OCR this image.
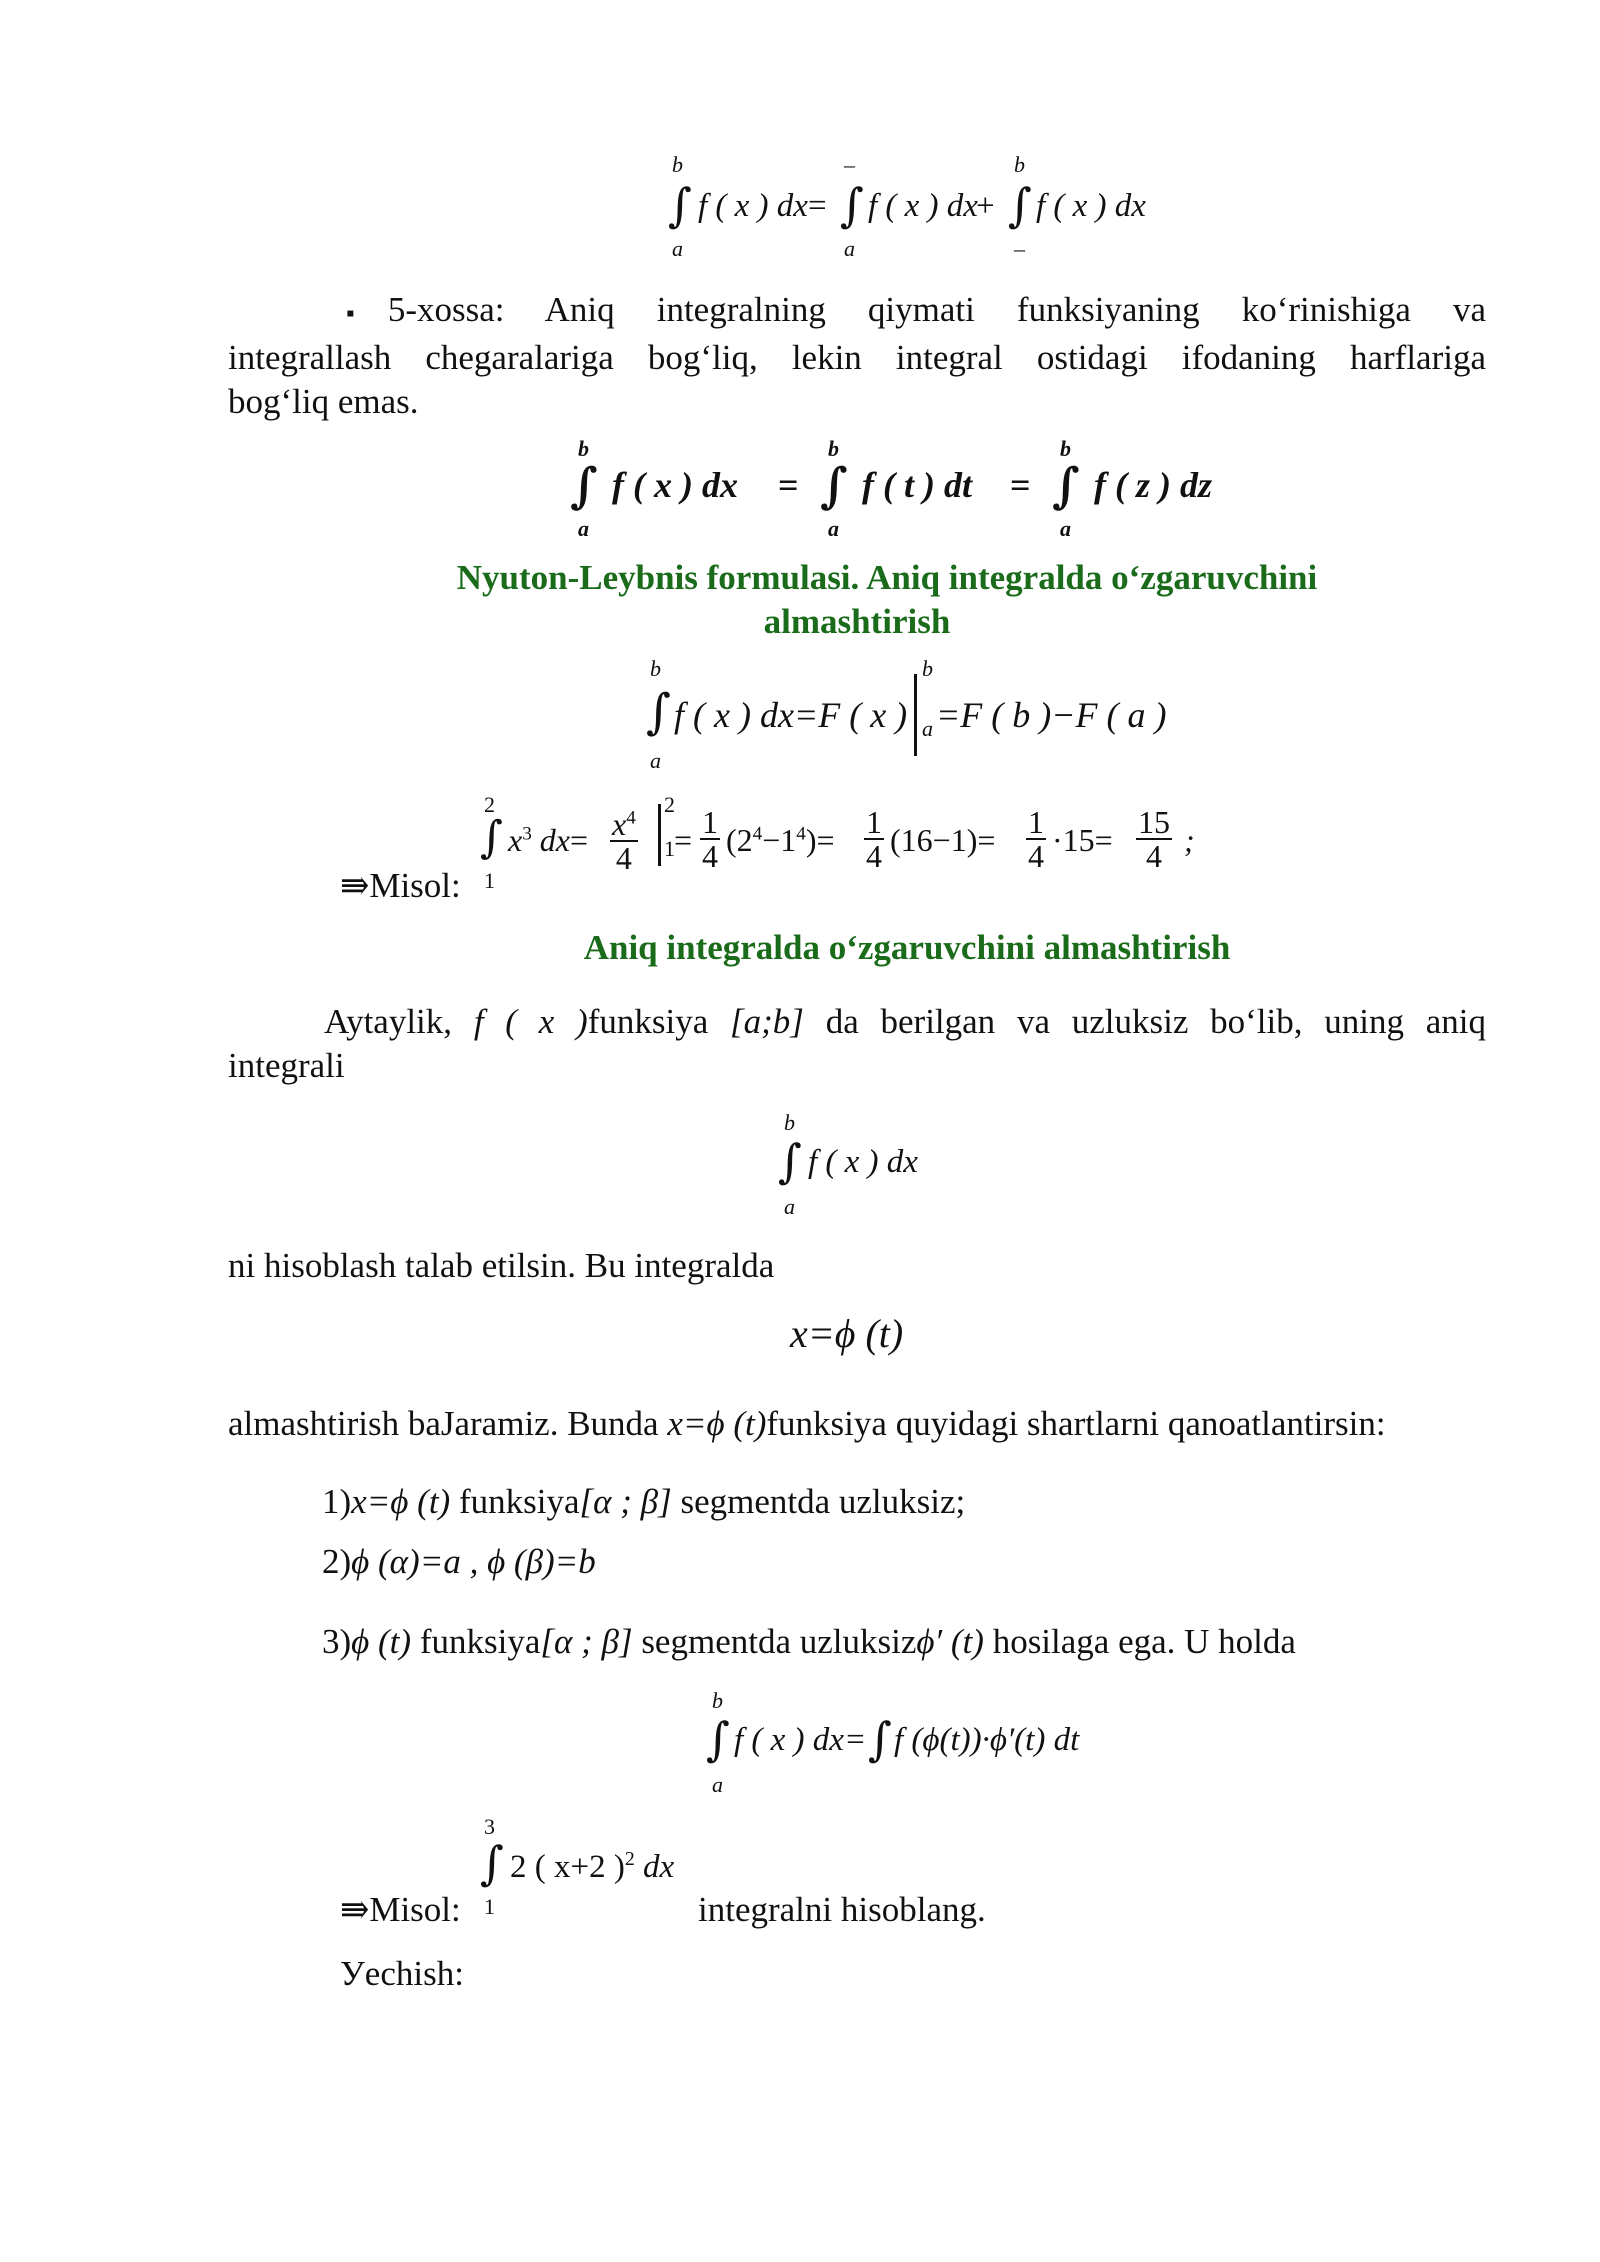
b
∫
a
f ( x ) dx =
–
∫
a
f ( x ) dx
+
b
∫
–
f ( x ) dx
▪5-xossa: Aniq integralning qiymati funksiyaning ko‘rinishiga va
integrallash chegaralariga bog‘liq, lekin integral ostidagi ifodaning harflariga
bog‘liq emas.
b
∫
a
f ( x ) dx =
b
∫
a
f ( t ) dt =
b
∫
a
f ( z ) dz
Nyuton-Leybnis formulasi. Aniq integralda o‘zgaruvchini
almashtirish
b
∫
a
f ( x ) dx=F ( x )
b
a =F ( b )−F ( a )
⇛Misol:
2
∫
1
$x^3$ $dx= \frac{x^4}{4}$
2
$1 = \frac{1}{4} (2^4-1^4)= \frac{1}{4} (16-1)= \frac{1}{4} \cdot 15= \frac{15}{4}$ ;
Aniq integralda o‘zgaruvchini almashtirish
Aytaylik, f ( x )funksiya [a;b] da berilgan va uzluksiz bo‘lib, uning aniq
integrali
b
∫
a
f ( x ) dx
ni hisoblash talab etilsin. Bu integralda
x=ϕ (t)
almashtirish baJaramiz. Bunda x=ϕ (t)funksiya quyidagi shartlarni qanoatlantirsin:
1)x=ϕ (t) funksiya[α ; β] segmentda uzluksiz;
2)ϕ (α)=a , ϕ (β)=b
3)ϕ (t) funksiya[α ; β] segmentda uzluksizϕ′ (t) hosilaga ega. U holda
b
∫
a
f ( x ) dx= ∫ f (ϕ(t))·ϕ′(t) dt
⇛Misol:
3
∫
1
2 ( x+2 )$^2$ dx
integralni hisoblang.
Уechish:
